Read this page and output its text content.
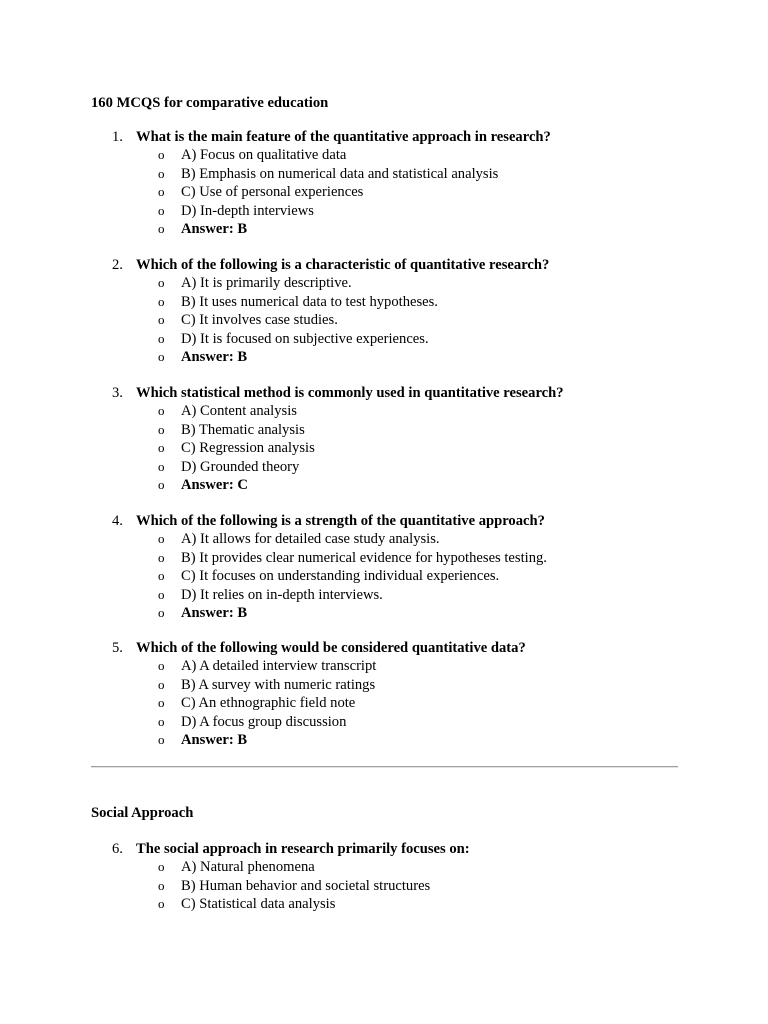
160 MCQS for comparative education
1. What is the main feature of the quantitative approach in research?
o A) Focus on qualitative data
o B) Emphasis on numerical data and statistical analysis
o C) Use of personal experiences
o D) In-depth interviews
o Answer: B
2. Which of the following is a characteristic of quantitative research?
o A) It is primarily descriptive.
o B) It uses numerical data to test hypotheses.
o C) It involves case studies.
o D) It is focused on subjective experiences.
o Answer: B
3. Which statistical method is commonly used in quantitative research?
o A) Content analysis
o B) Thematic analysis
o C) Regression analysis
o D) Grounded theory
o Answer: C
4. Which of the following is a strength of the quantitative approach?
o A) It allows for detailed case study analysis.
o B) It provides clear numerical evidence for hypotheses testing.
o C) It focuses on understanding individual experiences.
o D) It relies on in-depth interviews.
o Answer: B
5. Which of the following would be considered quantitative data?
o A) A detailed interview transcript
o B) A survey with numeric ratings
o C) An ethnographic field note
o D) A focus group discussion
o Answer: B
Social Approach
6. The social approach in research primarily focuses on:
o A) Natural phenomena
o B) Human behavior and societal structures
o C) Statistical data analysis
